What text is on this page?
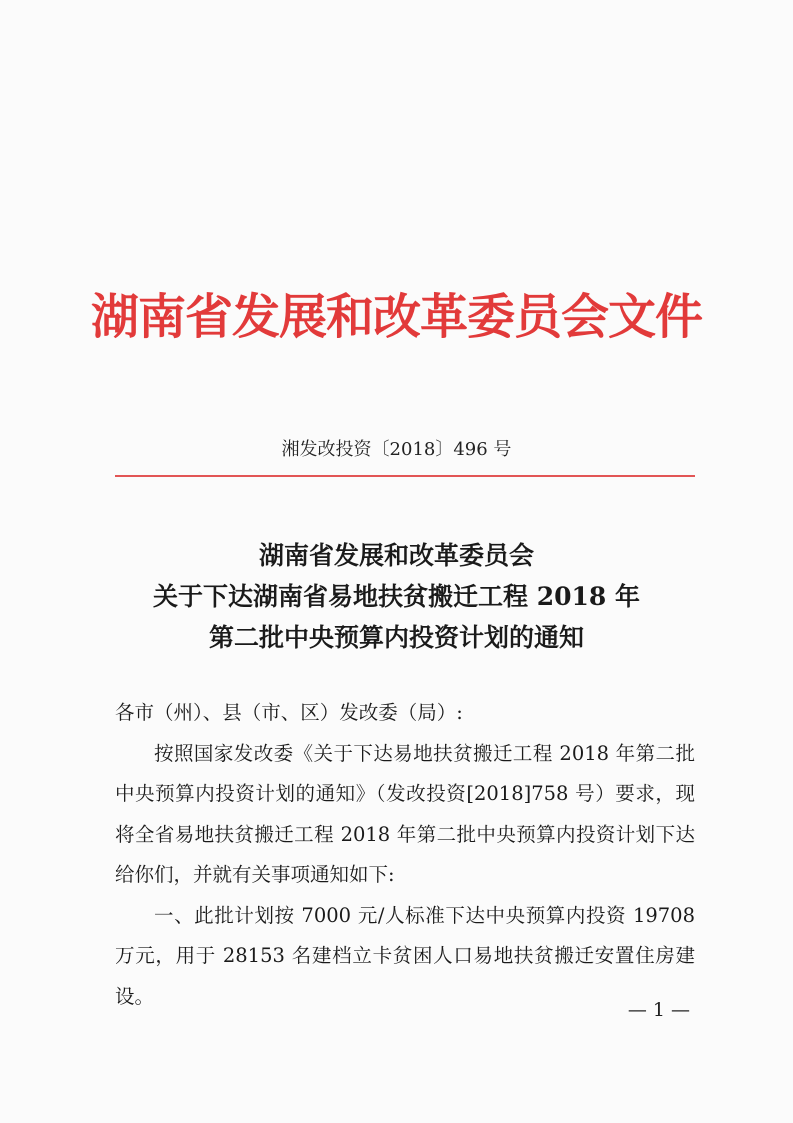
湖南省发展和改革委员会文件
湘发改投资〔2018〕496 号
湖南省发展和改革委员会
关于下达湖南省易地扶贫搬迁工程 2018 年
第二批中央预算内投资计划的通知

各市（州）、县（市、区）发改委（局）:

按照国家发改委《关于下达易地扶贫搬迁工程 2018 年第二批中央预算内投资计划的通知》（发改投资[2018]758 号）要求，现将全省易地扶贫搬迁工程 2018 年第二批中央预算内投资计划下达给你们，并就有关事项通知如下:

一、此批计划按 7000 元/人标准下达中央预算内投资 19708 万元，用于 28153 名建档立卡贫困人口易地扶贫搬迁安置住房建设。

— 1 —
